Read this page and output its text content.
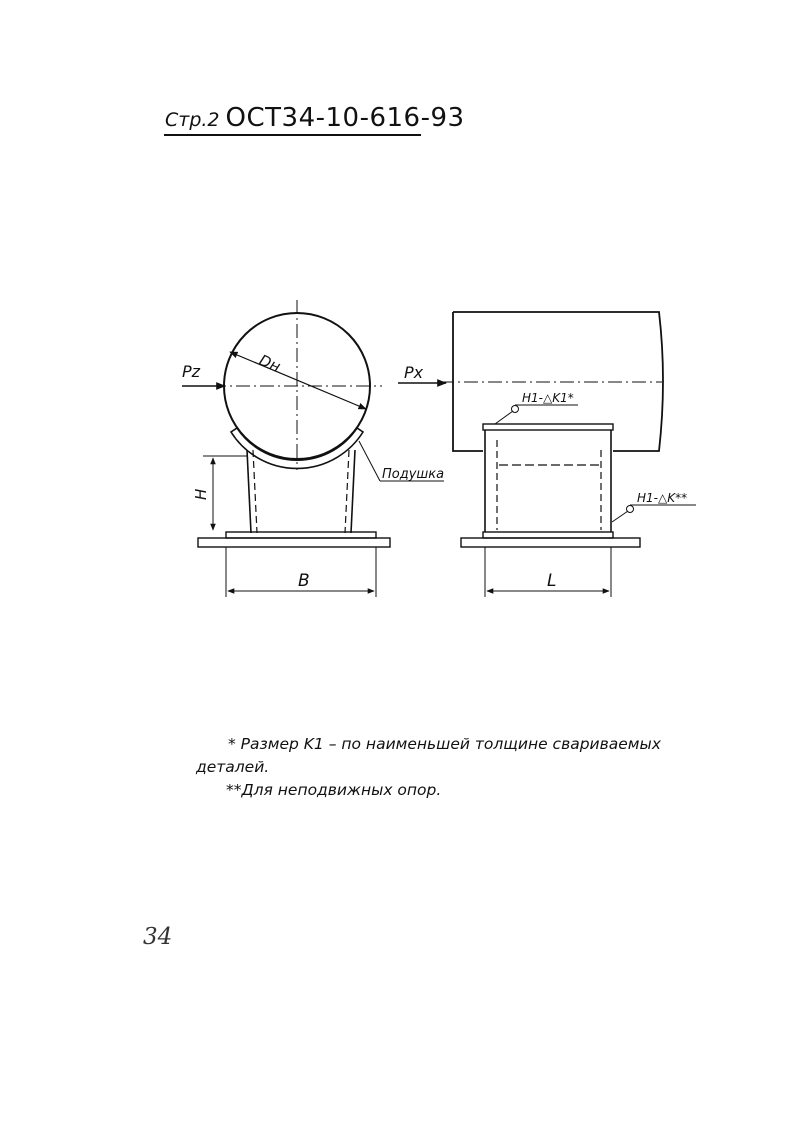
Стр.2 ОСТ34-10-616-93
Pz	Dн
Подушка
H
B
Px
H1-△K1*
H1-△K**
L
* Размер K1 – по наименьшей толщине свариваемых
деталей.
**Для неподвижных опор.
34
